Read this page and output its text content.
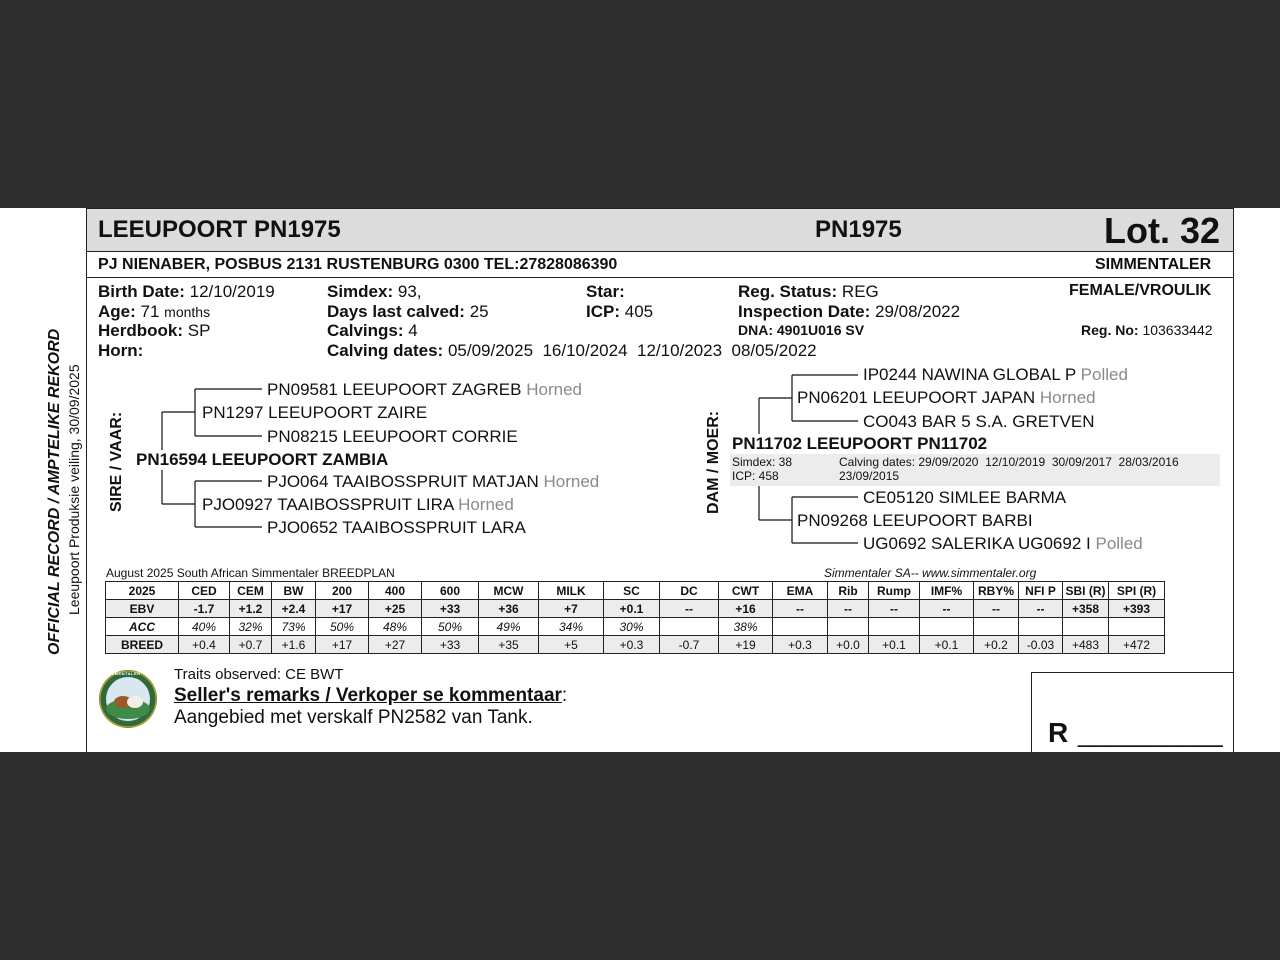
OFFICIAL RECORD / AMPTELIKE REKORD Leeupoort Produksie veiling, 30/09/2025
LEEUPOORT PN1975	PN1975	Lot. 32
PJ NIENABER, POSBUS 2131 RUSTENBURG 0300 TEL:27828086390	SIMMENTALER
Birth Date: 12/10/2019
Age: 71 months
Herdbook: SP
Horn:
Simdex: 93,
Days last calved: 25
Calvings: 4
Calving dates: 05/09/2025  16/10/2024  12/10/2023  08/05/2022
Star:
ICP: 405
Reg. Status: REG
Inspection Date: 29/08/2022
DNA: 4901U016 SV
FEMALE/VROULIK
Reg. No: 103633442
SIRE / VAAR:
PN09581 LEEUPOORT ZAGREB Horned
PN1297 LEEUPOORT ZAIRE
PN08215 LEEUPOORT CORRIE
PN16594 LEEUPOORT ZAMBIA
PJO064 TAAIBOSSPRUIT MATJAN Horned
PJO0927 TAAIBOSSPRUIT LIRA Horned
PJO0652 TAAIBOSSPRUIT LARA
DAM / MOER:
IP0244 NAWINA GLOBAL P Polled
PN06201 LEEUPOORT JAPAN Horned
CO043 BAR 5 S.A. GRETVEN
PN11702 LEEUPOORT PN11702
Simdex: 38
ICP: 458
Calving dates: 29/09/2020  12/10/2019  30/09/2017  28/03/2016
23/09/2015
CE05120 SIMLEE BARMA
PN09268 LEEUPOORT BARBI
UG0692 SALERIKA UG0692 I Polled
August 2025 South African Simmentaler BREEDPLAN	Simmentaler SA-- www.simmentaler.org
2025	CED	CEM	BW	200	400	600	MCW	MILK	SC	DC	CWT	EMA	Rib	Rump	IMF%	RBY%	NFI P	SBI (R)	SPI (R)
EBV	-1.7	+1.2	+2.4	+17	+25	+33	+36	+7	+0.1	--	+16	--	--	--	--	--	--	+358	+393
ACC	40%	32%	73%	50%	48%	50%	49%	34%	30%		38%								
BREED	+0.4	+0.7	+1.6	+17	+27	+33	+35	+5	+0.3	-0.7	+19	+0.3	+0.0	+0.1	+0.1	+0.2	-0.03	+483	+472
SIMMENTALER Traits observed: CE BWT
Seller's remarks / Verkoper se kommentaar:
Aangebied met verskalf PN2582 van Tank.	R __________
